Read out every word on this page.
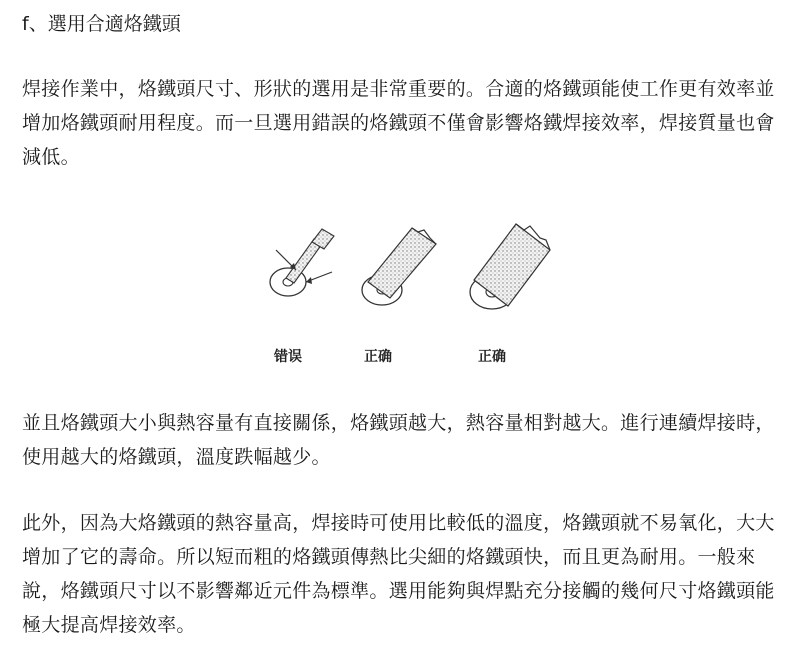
f、選用合適烙鐵頭

焊接作業中，烙鐵頭尺寸、形狀的選用是非常重要的。合適的烙鐵頭能使工作更有效率並增加烙鐵頭耐用程度。而一旦選用錯誤的烙鐵頭不僅會影響烙鐵焊接效率，焊接質量也會減低。

错误	正确	正确

並且烙鐵頭大小與熱容量有直接關係，烙鐵頭越大，熱容量相對越大。進行連續焊接時，使用越大的烙鐵頭，溫度跌幅越少。

此外，因為大烙鐵頭的熱容量高，焊接時可使用比較低的溫度，烙鐵頭就不易氧化，大大增加了它的壽命。所以短而粗的烙鐵頭傳熱比尖細的烙鐵頭快，而且更為耐用。一般來說，烙鐵頭尺寸以不影響鄰近元件為標準。選用能夠與焊點充分接觸的幾何尺寸烙鐵頭能極大提高焊接效率。
